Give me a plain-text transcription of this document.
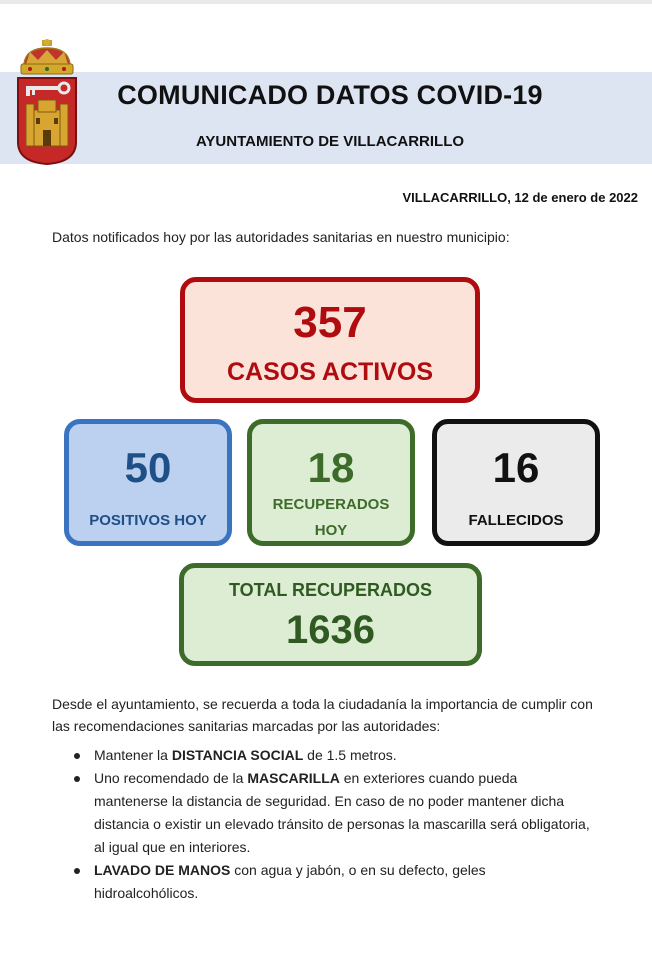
COMUNICADO DATOS COVID-19
AYUNTAMIENTO DE VILLACARRILLO
VILLACARRILLO, 12 de enero de 2022
Datos notificados hoy por las autoridades sanitarias en nuestro municipio:
357
CASOS ACTIVOS
50
POSITIVOS HOY
18
RECUPERADOS
HOY
16
FALLECIDOS
TOTAL RECUPERADOS
1636
Desde el ayuntamiento, se recuerda a toda la ciudadanía la importancia de cumplir con las recomendaciones sanitarias marcadas por las autoridades:
Mantener la DISTANCIA SOCIAL de 1.5 metros.
Uno recomendado de la MASCARILLA en exteriores cuando pueda mantenerse la distancia de seguridad. En caso de no poder mantener dicha distancia o existir un elevado tránsito de personas la mascarilla será obligatoria, al igual que en interiores.
LAVADO DE MANOS con agua y jabón, o en su defecto, geles hidroalcohólicos.
